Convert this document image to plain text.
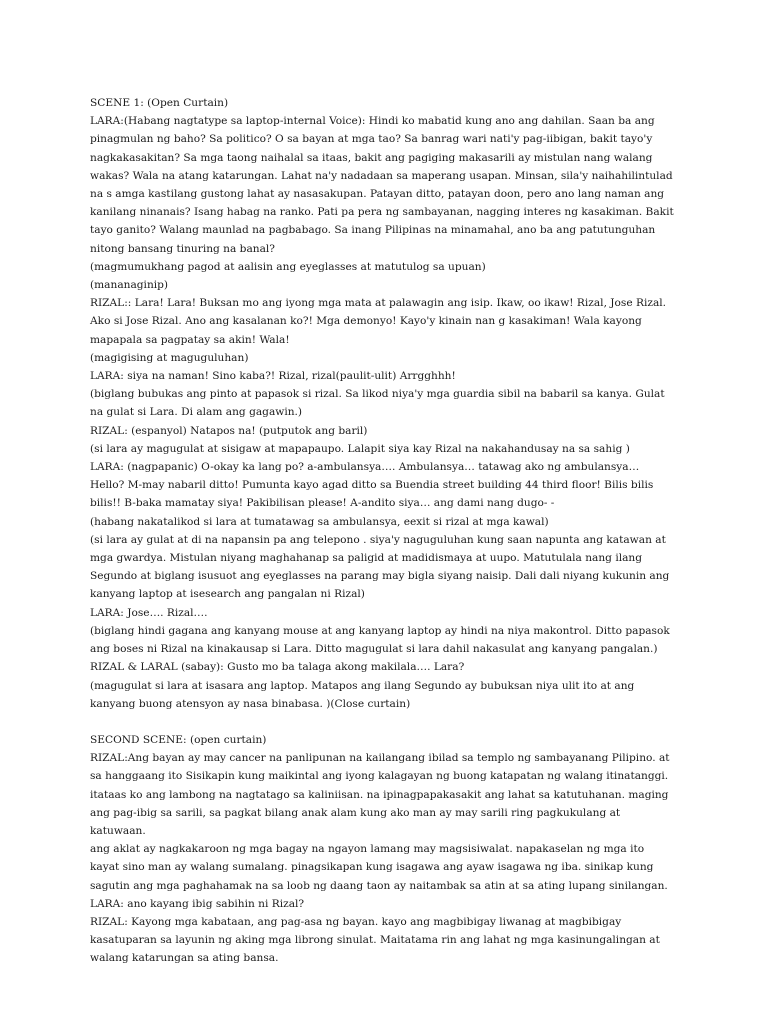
SCENE 1: (Open Curtain)

LARA:(Habang nagtatype sa laptop-internal Voice): Hindi ko mabatid kung ano ang dahilan. Saan ba ang pinagmulan ng baho? Sa politico? O sa bayan at mga tao? Sa banrag wari nati'y pag-iibigan, bakit tayo'y nagkakasakitan? Sa mga taong naihalal sa itaas, bakit ang pagiging makasarili ay mistulan nang walang wakas? Wala na atang katarungan. Lahat na'y nadadaan sa maperang usapan. Minsan, sila'y naihahilintulad na s amga kastilang gustong lahat ay nasasakupan. Patayan ditto, patayan doon, pero ano lang naman ang kanilang ninanais? Isang habag na ranko. Pati pa pera ng sambayanan, nagging interes ng kasakiman. Bakit tayo ganito? Walang maunlad na pagbabago. Sa inang Pilipinas na minamahal, ano ba ang patutunguhan nitong bansang tinuring na banal?

(magmumukhang pagod at aalisin ang eyeglasses at matutulog sa upuan)

(mananaginip)

RIZAL:: Lara! Lara! Buksan mo ang iyong mga mata at palawagin ang isip. Ikaw, oo ikaw! Rizal, Jose Rizal. Ako si Jose Rizal. Ano ang kasalanan ko?! Mga demonyo! Kayo'y kinain nan g kasakiman! Wala kayong mapapala sa pagpatay sa akin! Wala!

(magigising at maguguluhan)

LARA: siya na naman! Sino kaba?! Rizal, rizal(paulit-ulit) Arrgghhh!

(biglang bubukas ang pinto at papasok si rizal. Sa likod niya'y mga guardia sibil na babaril sa kanya. Gulat na gulat si Lara. Di alam ang gagawin.)

RIZAL: (espanyol) Natapos na! (putputok ang baril)

(si lara ay magugulat at sisigaw at mapapaupo. Lalapit siya kay Rizal na nakahandusay na sa sahig )

LARA: (nagpapanic) O-okay ka lang po? a-ambulansya…. Ambulansya… tatawag ako ng ambulansya…

Hello? M-may nabaril ditto! Pumunta kayo agad ditto sa Buendia street building 44 third floor! Bilis bilis bilis!! B-baka mamatay siya! Pakibilisan please! A-andito siya… ang dami nang dugo- -

(habang nakatalikod si lara at tumatawag sa ambulansya, eexit si rizal at mga kawal)

(si lara ay gulat at di na napansin pa ang telepono . siya'y naguguluhan kung saan napunta ang katawan at mga gwardya. Mistulan niyang maghahanap sa paligid at madidismaya at uupo. Matutulala nang ilang Segundo at biglang isusuot ang eyeglasses na parang may bigla siyang naisip. Dali dali niyang kukunin ang kanyang laptop at isesearch ang pangalan ni Rizal)

LARA: Jose…. Rizal….

(biglang hindi gagana ang kanyang mouse at ang kanyang laptop ay hindi na niya makontrol. Ditto papasok ang boses ni Rizal na kinakausap si Lara. Ditto magugulat si lara dahil nakasulat ang kanyang pangalan.)

RIZAL & LARAL (sabay): Gusto mo ba talaga akong makilala…. Lara?

(magugulat si lara at isasara ang laptop. Matapos ang ilang Segundo ay bubuksan niya ulit ito at ang kanyang buong atensyon ay nasa binabasa. )(Close curtain)

SECOND SCENE: (open curtain)

RIZAL:Ang bayan ay may cancer na panlipunan na kailangang ibilad sa templo ng sambayanang Pilipino. at sa hanggaang ito Sisikapin kung maikintal ang iyong kalagayan ng buong katapatan ng walang itinatanggi. itataas ko ang lambong na nagtatago sa kaliniisan. na ipinagpapakasakit ang lahat sa katutuhanan. maging ang pag-ibig sa sarili, sa pagkat bilang anak alam kung ako man ay may sarili ring pagkukulang at katuwaan.

ang aklat ay nagkakaroon ng mga bagay na ngayon lamang may magsisiwalat. napakaselan ng mga ito kayat sino man ay walang sumalang. pinagsikapan kung isagawa ang ayaw isagawa ng iba. sinikap kung sagutin ang mga paghahamak na sa loob ng daang taon ay naitambak sa atin at sa ating lupang sinilangan.

LARA: ano kayang ibig sabihin ni Rizal?

RIZAL: Kayong mga kabataan, ang pag-asa ng bayan. kayo ang magbibigay liwanag at magbibigay kasatuparan sa layunin ng aking mga librong sinulat. Maitatama rin ang lahat ng mga kasinungalingan at walang katarungan sa ating bansa.
